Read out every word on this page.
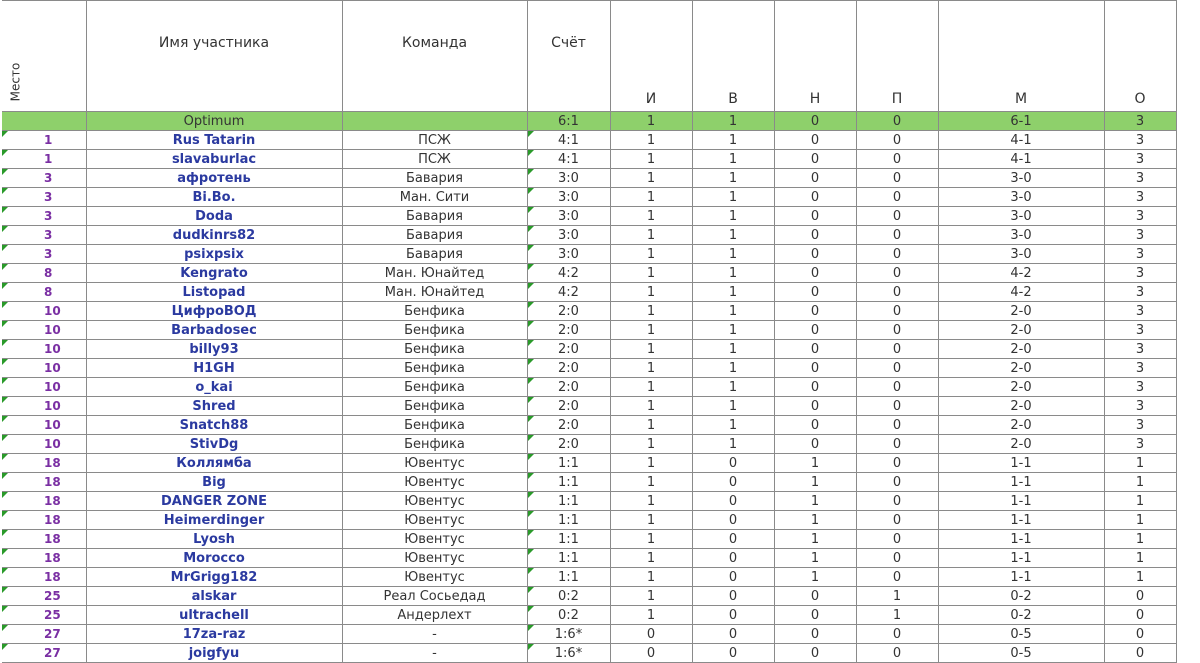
Место	Имя участника	Команда	Счёт	И	В	Н	П	М	О
	Optimum		6:1	1	1	0	0	6-1	3
1	Rus Tatarin	ПСЖ	4:1	1	1	0	0	4-1	3
1	slavaburlac	ПСЖ	4:1	1	1	0	0	4-1	3
3	афротень	Бавария	3:0	1	1	0	0	3-0	3
3	Bi.Bo.	Ман. Сити	3:0	1	1	0	0	3-0	3
3	Doda	Бавария	3:0	1	1	0	0	3-0	3
3	dudkinrs82	Бавария	3:0	1	1	0	0	3-0	3
3	psixpsix	Бавария	3:0	1	1	0	0	3-0	3
8	Kengrato	Ман. Юнайтед	4:2	1	1	0	0	4-2	3
8	Listopad	Ман. Юнайтед	4:2	1	1	0	0	4-2	3
10	ЦифроВОД	Бенфика	2:0	1	1	0	0	2-0	3
10	Barbadosec	Бенфика	2:0	1	1	0	0	2-0	3
10	billy93	Бенфика	2:0	1	1	0	0	2-0	3
10	H1GH	Бенфика	2:0	1	1	0	0	2-0	3
10	o_kai	Бенфика	2:0	1	1	0	0	2-0	3
10	Shred	Бенфика	2:0	1	1	0	0	2-0	3
10	Snatch88	Бенфика	2:0	1	1	0	0	2-0	3
10	StivDg	Бенфика	2:0	1	1	0	0	2-0	3
18	Коллямба	Ювентус	1:1	1	0	1	0	1-1	1
18	Big	Ювентус	1:1	1	0	1	0	1-1	1
18	DANGER ZONE	Ювентус	1:1	1	0	1	0	1-1	1
18	Heimerdinger	Ювентус	1:1	1	0	1	0	1-1	1
18	Lyosh	Ювентус	1:1	1	0	1	0	1-1	1
18	Morocco	Ювентус	1:1	1	0	1	0	1-1	1
18	MrGrigg182	Ювентус	1:1	1	0	1	0	1-1	1
25	alskar	Реал Сосьедад	0:2	1	0	0	1	0-2	0
25	ultrachell	Андерлехт	0:2	1	0	0	1	0-2	0
27	17za-raz	-	1:6*	0	0	0	0	0-5	0
27	joigfyu	-	1:6*	0	0	0	0	0-5	0
